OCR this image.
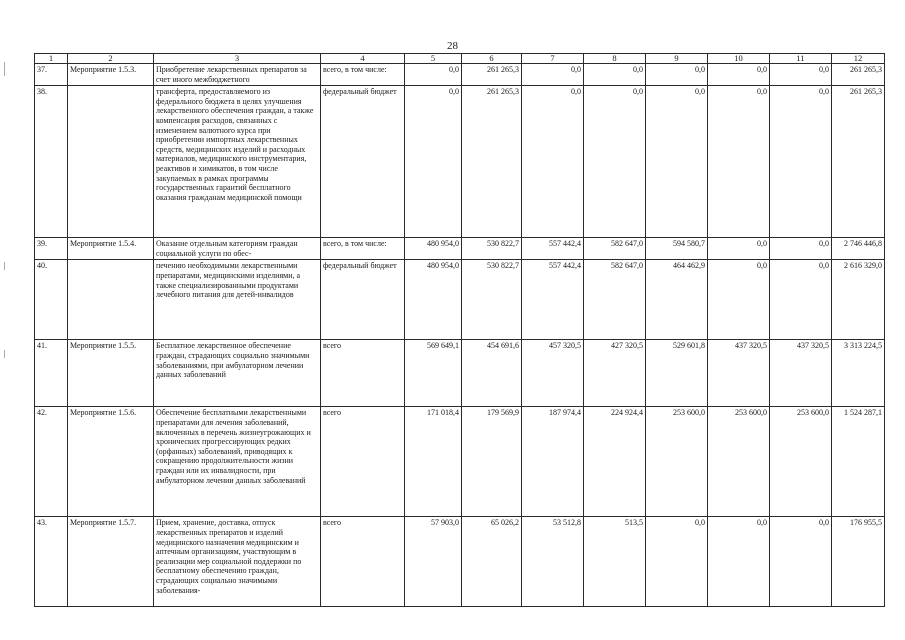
28
1	2	3	4	5	6	7	8	9	10	11	12
37.	Мероприятие 1.5.3.	Приобретение лекарственных препаратов за счет иного межбюджетного	всего, в том числе:	0,0	261 265,3	0,0	0,0	0,0	0,0	0,0	261 265,3
38.		трансферта, предоставляемого из федерального бюджета в целях улучшения лекарственного обеспечения граждан, а также компенсация расходов, связанных с изменением валютного курса при приобретении импортных лекарственных средств, медицинских изделий и расходных материалов, медицинского инструментария, реактивов и химикатов, в том числе закупаемых в рамках программы государственных гарантий бесплатного оказания гражданам медицинской помощи	федеральный бюджет	0,0	261 265,3	0,0	0,0	0,0	0,0	0,0	261 265,3
39.	Мероприятие 1.5.4.	Оказание отдельным категориям граждан социальной услуги по обес-	всего, в том числе:	480 954,0	530 822,7	557 442,4	582 647,0	594 580,7	0,0	0,0	2 746 446,8
40.		печению необходимыми лекарственными препаратами, медицинскими изделиями, а также специализированными продуктами лечебного питания для детей-инвалидов	федеральный бюджет	480 954,0	530 822,7	557 442,4	582 647,0	464 462,9	0,0	0,0	2 616 329,0
41.	Мероприятие 1.5.5.	Бесплатное лекарственное обеспечение граждан, страдающих социально значимыми заболеваниями, при амбулаторном лечении данных заболеваний	всего	569 649,1	454 691,6	457 320,5	427 320,5	529 601,8	437 320,5	437 320,5	3 313 224,5
42.	Мероприятие 1.5.6.	Обеспечение бесплатными лекарственными препаратами для лечения заболеваний, включенных в перечень жизнеугрожающих и хронических прогрессирующих редких (орфанных) заболеваний, приводящих к сокращению продолжительности жизни граждан или их инвалидности, при амбулаторном лечении данных заболеваний	всего	171 018,4	179 569,9	187 974,4	224 924,4	253 600,0	253 600,0	253 600,0	1 524 287,1
43.	Мероприятие 1.5.7.	Прием, хранение, доставка, отпуск лекарственных препаратов и изделий медицинского назначения медицинским и аптечным организациям, участвующим в реализации мер социальной поддержки по бесплатному обеспечению граждан, страдающих социально значимыми заболевания-	всего	57 903,0	65 026,2	53 512,8	513,5	0,0	0,0	0,0	176 955,5
